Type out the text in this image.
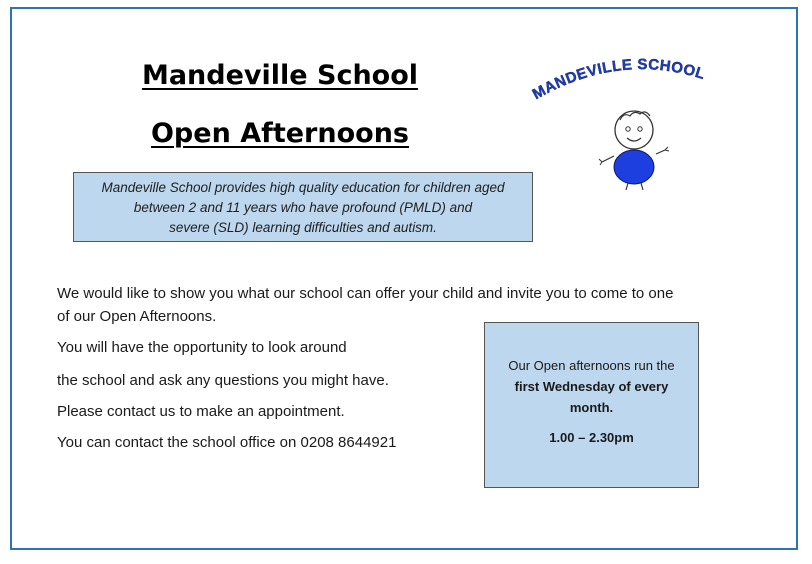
Mandeville School
Open Afternoons
Mandeville School provides high quality education for children aged
between 2 and 11 years who have profound (PMLD) and
severe (SLD) learning difficulties and autism.
MANDEVILLE SCHOOL

We would like to show you what our school can offer your child and invite you to come to one

of our Open Afternoons.

You will have the opportunity to look around

the school and ask any questions you might have.

Please contact us to make an appointment.

You can contact the school office on 0208 8644921

Our Open afternoons run the
first Wednesday of every
month.
1.00 – 2.30pm
